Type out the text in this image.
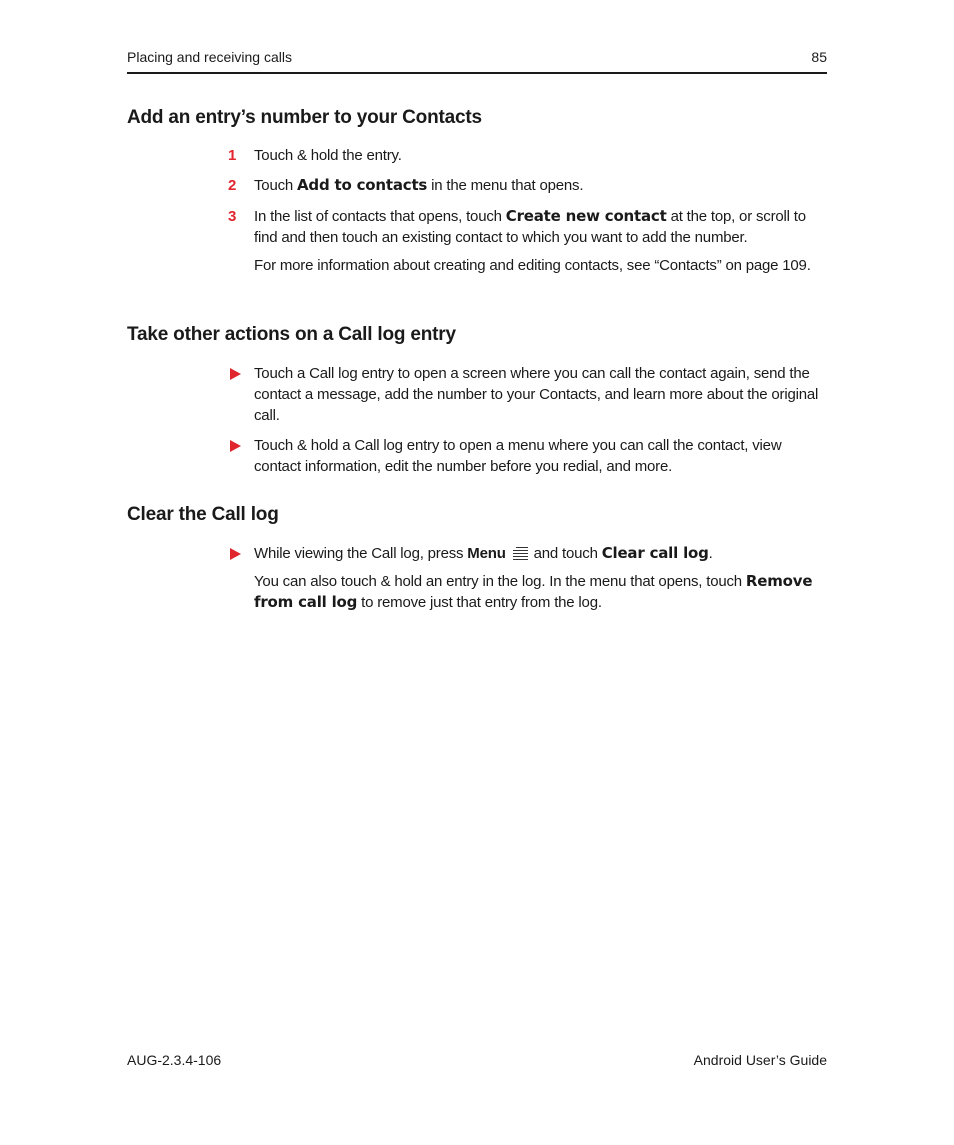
Placing and receiving calls	85
Add an entry’s number to your Contacts
1 Touch & hold the entry.
2 Touch Add to contacts in the menu that opens.
3 In the list of contacts that opens, touch Create new contact at the top, or scroll to find and then touch an existing contact to which you want to add the number.
For more information about creating and editing contacts, see “Contacts” on page 109.
Take other actions on a Call log entry
Touch a Call log entry to open a screen where you can call the contact again, send the contact a message, add the number to your Contacts, and learn more about the original call.
Touch & hold a Call log entry to open a menu where you can call the contact, view contact information, edit the number before you redial, and more.
Clear the Call log
While viewing the Call log, press Menu
and touch Clear call log.
You can also touch & hold an entry in the log. In the menu that opens, touch Remove from call log to remove just that entry from the log.
AUG-2.3.4-106	Android User’s Guide
